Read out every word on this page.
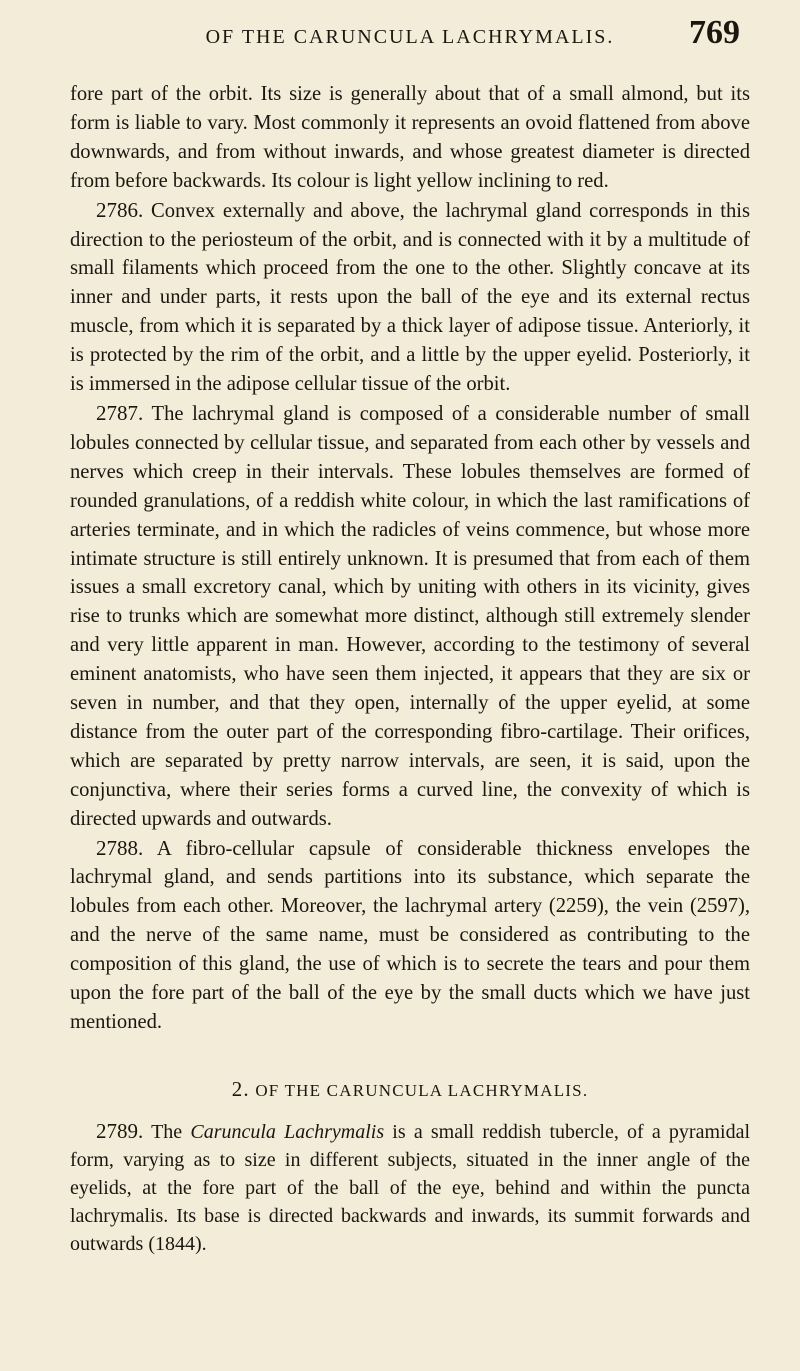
OF THE CARUNCULA LACHRYMALIS.	769

fore part of the orbit. Its size is generally about that of a small almond, but its form is liable to vary. Most commonly it represents an ovoid flattened from above downwards, and from without inwards, and whose greatest diameter is directed from before backwards. Its colour is light yellow inclining to red.

2786. Convex externally and above, the lachrymal gland corresponds in this direction to the periosteum of the orbit, and is connected with it by a multitude of small filaments which proceed from the one to the other. Slightly concave at its inner and under parts, it rests upon the ball of the eye and its external rectus muscle, from which it is separated by a thick layer of adipose tissue. Anteriorly, it is protected by the rim of the orbit, and a little by the upper eyelid. Posteriorly, it is immersed in the adipose cellular tissue of the orbit.

2787. The lachrymal gland is composed of a considerable number of small lobules connected by cellular tissue, and separated from each other by vessels and nerves which creep in their intervals. These lobules themselves are formed of rounded granulations, of a reddish white colour, in which the last ramifications of arteries terminate, and in which the radicles of veins commence, but whose more intimate structure is still entirely unknown. It is presumed that from each of them issues a small excretory canal, which by uniting with others in its vicinity, gives rise to trunks which are somewhat more distinct, although still extremely slender and very little apparent in man. However, according to the testimony of several eminent anatomists, who have seen them injected, it appears that they are six or seven in number, and that they open, internally of the upper eyelid, at some distance from the outer part of the corresponding fibro-cartilage. Their orifices, which are separated by pretty narrow intervals, are seen, it is said, upon the conjunctiva, where their series forms a curved line, the convexity of which is directed upwards and outwards.

2788. A fibro-cellular capsule of considerable thickness envelopes the lachrymal gland, and sends partitions into its substance, which separate the lobules from each other. Moreover, the lachrymal artery (2259), the vein (2597), and the nerve of the same name, must be considered as contributing to the composition of this gland, the use of which is to secrete the tears and pour them upon the fore part of the ball of the eye by the small ducts which we have just mentioned.

2. OF THE CARUNCULA LACHRYMALIS.

2789. The Caruncula Lachrymalis is a small reddish tubercle, of a pyramidal form, varying as to size in different subjects, situated in the inner angle of the eyelids, at the fore part of the ball of the eye, behind and within the puncta lachrymalis. Its base is directed backwards and inwards, its summit forwards and outwards (1844).
